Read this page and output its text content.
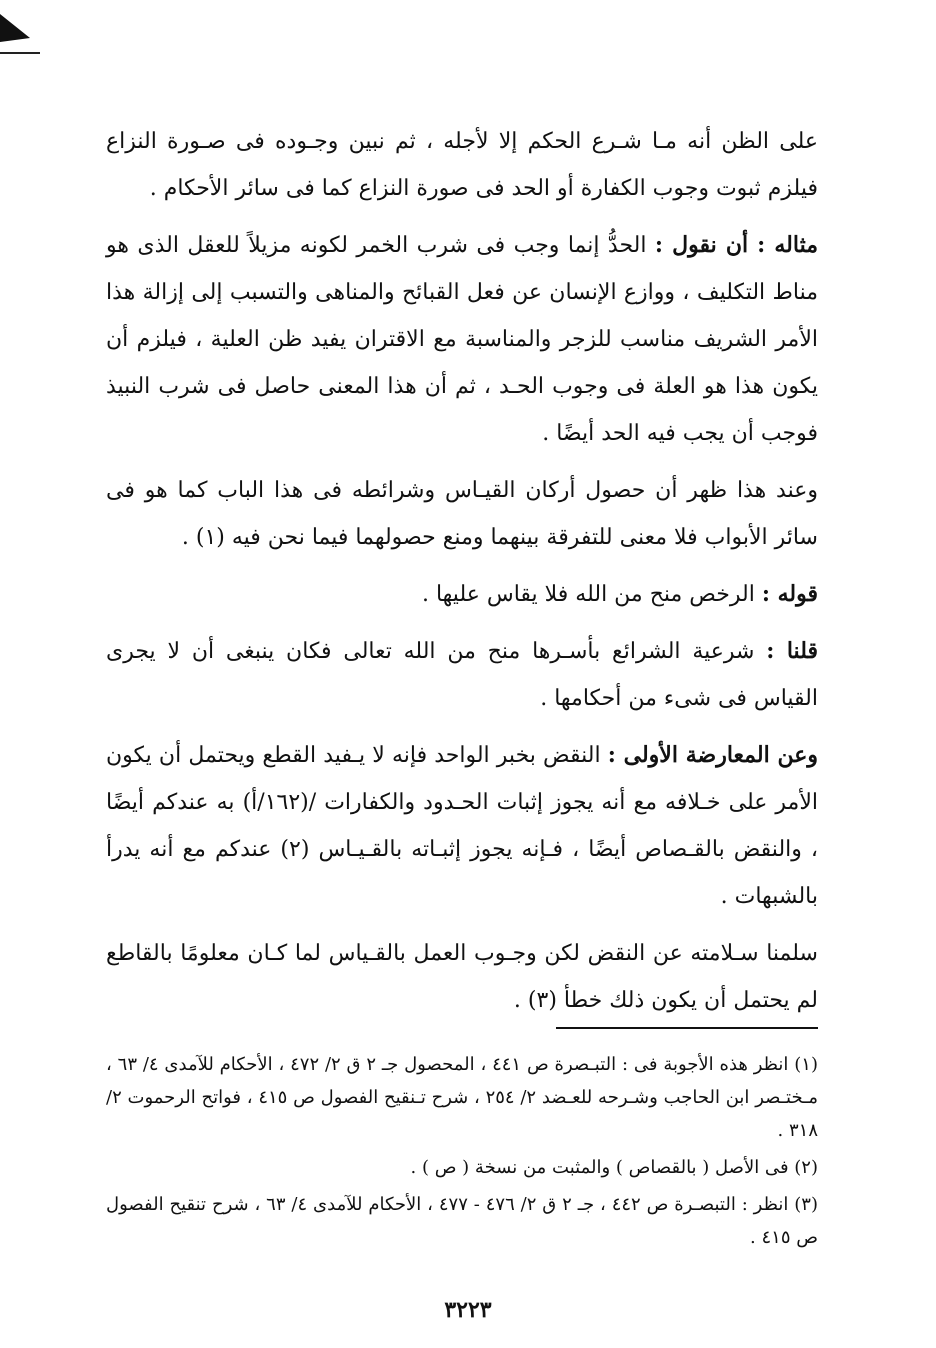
على الظن أنه مـا شـرع الحكم إلا لأجله ، ثم نبين وجـوده فى صـورة النزاع فيلزم ثبوت وجوب الكفارة أو الحد فى صورة النزاع كما فى سائر الأحكام .

مثاله : أن نقول : الحدُّ إنما وجب فى شرب الخمر لكونه مزيلاً للعقل الذى هو مناط التكليف ، ووازع الإنسان عن فعل القبائح والمناهى والتسبب إلى إزالة هذا الأمر الشريف مناسب للزجر والمناسبة مع الاقتران يفيد ظن العلية ، فيلزم أن يكون هذا هو العلة فى وجوب الحـد ، ثم أن هذا المعنى حاصل فى شرب النبيذ فوجب أن يجب فيه الحد أيضًا .

وعند هذا ظهر أن حصول أركان القيـاس وشرائطه فى هذا الباب كما هو فى سائر الأبواب فلا معنى للتفرقة بينهما ومنع حصولهما فيما نحن فيه (١) .

قوله : الرخص منح من الله فلا يقاس عليها .

قلنا : شرعية الشرائع بأسـرها منح من الله تعالى فكان ينبغى أن لا يجرى القياس فى شىء من أحكامها .

وعن المعارضة الأولى : النقض بخبر الواحد فإنه لا يـفيد القطع ويحتمل أن يكون الأمر على خـلافه مع أنه يجوز إثبات الحـدود والكفارات /(١٦٢/أ) به عندكم أيضًا ، والنقض بالقـصاص أيضًا ، فـإنه يجوز إثبـاته بالقـيـاس (٢) عندكم مع أنه يدرأ بالشبهات .

سلمنا سـلامته عن النقض لكن وجـوب العمل بالقـياس لما كـان معلومًا بالقاطع لم يحتمل أن يكون ذلك خطأ (٣) .

(١) انظر هذه الأجوبة فى : التبـصرة ص ٤٤١ ، المحصول جـ ٢ ق ٢/ ٤٧٢ ، الأحكام للآمدى ٤/ ٦٣ ، مـختـصر ابن الحاجب وشـرحه للعـضد ٢/ ٢٥٤ ، شرح تـنقيح الفصول ص ٤١٥ ، فواتح الرحموت ٢/ ٣١٨ .

(٢) فى الأصل ( بالقصاص ) والمثبت من نسخة ( ص ) .

(٣) انظر : التبصـرة ص ٤٤٢ ، جـ ٢ ق ٢/ ٤٧٦ - ٤٧٧ ، الأحكام للآمدى ٤/ ٦٣ ، شرح تنقيح الفصول ص ٤١٥ .

٣٢٢٣
